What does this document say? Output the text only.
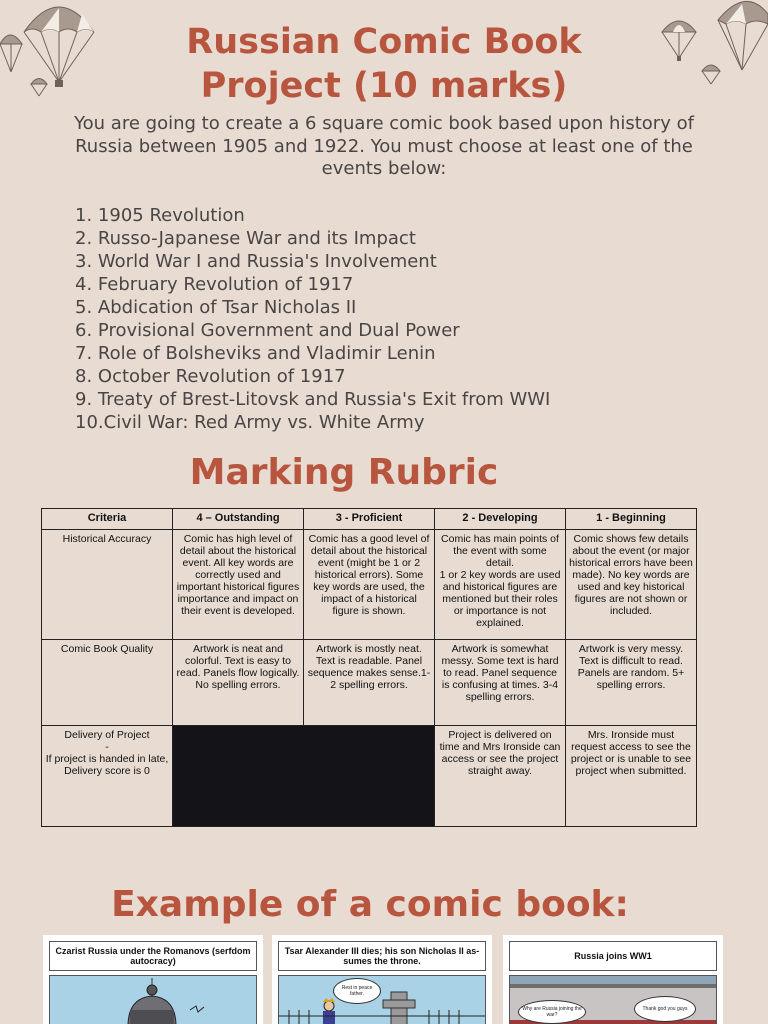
Russian Comic Book
Project (10 marks)

You are going to create a 6 square comic book based upon history of Russia between 1905 and 1922. You must choose at least one of the events below:

1. 1905 Revolution
2. Russo-Japanese War and its Impact
3. World War I and Russia's Involvement
4. February Revolution of 1917
5. Abdication of Tsar Nicholas II
6. Provisional Government and Dual Power
7. Role of Bolsheviks and Vladimir Lenin
8. October Revolution of 1917
9. Treaty of Brest-Litovsk and Russia's Exit from WWI
10.Civil War: Red Army vs. White Army
Marking Rubric
Criteria	4 – Outstanding	3 - Proficient	2 - Developing	1 - Beginning
Historical Accuracy	Comic has high level of detail about the historical event. All key words are correctly used and important historical figures importance and impact on their event is developed.	Comic has a good level of detail about the historical event (might be 1 or 2 historical errors). Some key words are used, the impact of a historical figure is shown.	Comic has main points of the event with some detail.
1 or 2 key words are used and historical figures are mentioned but their roles or importance is not explained.	Comic shows few details about the event (or major historical errors have been made). No key words are used and key historical figures are not shown or included.
Comic Book Quality	Artwork is neat and colorful. Text is easy to read. Panels flow logically. No spelling errors.	Artwork is mostly neat. Text is readable. Panel sequence makes sense.1-2 spelling errors.	Artwork is somewhat messy. Some text is hard to read. Panel sequence is confusing at times. 3-4 spelling errors.	Artwork is very messy. Text is difficult to read. Panels are random. 5+ spelling errors.
Delivery of Project
-
If project is handed in late, Delivery score is 0			Project is delivered on time and Mrs Ironside can access or see the project straight away.	Mrs. Ironside must request access to see the project or is unable to see project when submitted.
Example of a comic book:
Czarist Russia under the Romanovs (serfdom autocracy)
Tsar Alexander III dies; his son Nicholas II as-sumes the throne.
Rest in peace father.
Russia joins WW1
Why are Russia joining the war?
Thank god you guys
